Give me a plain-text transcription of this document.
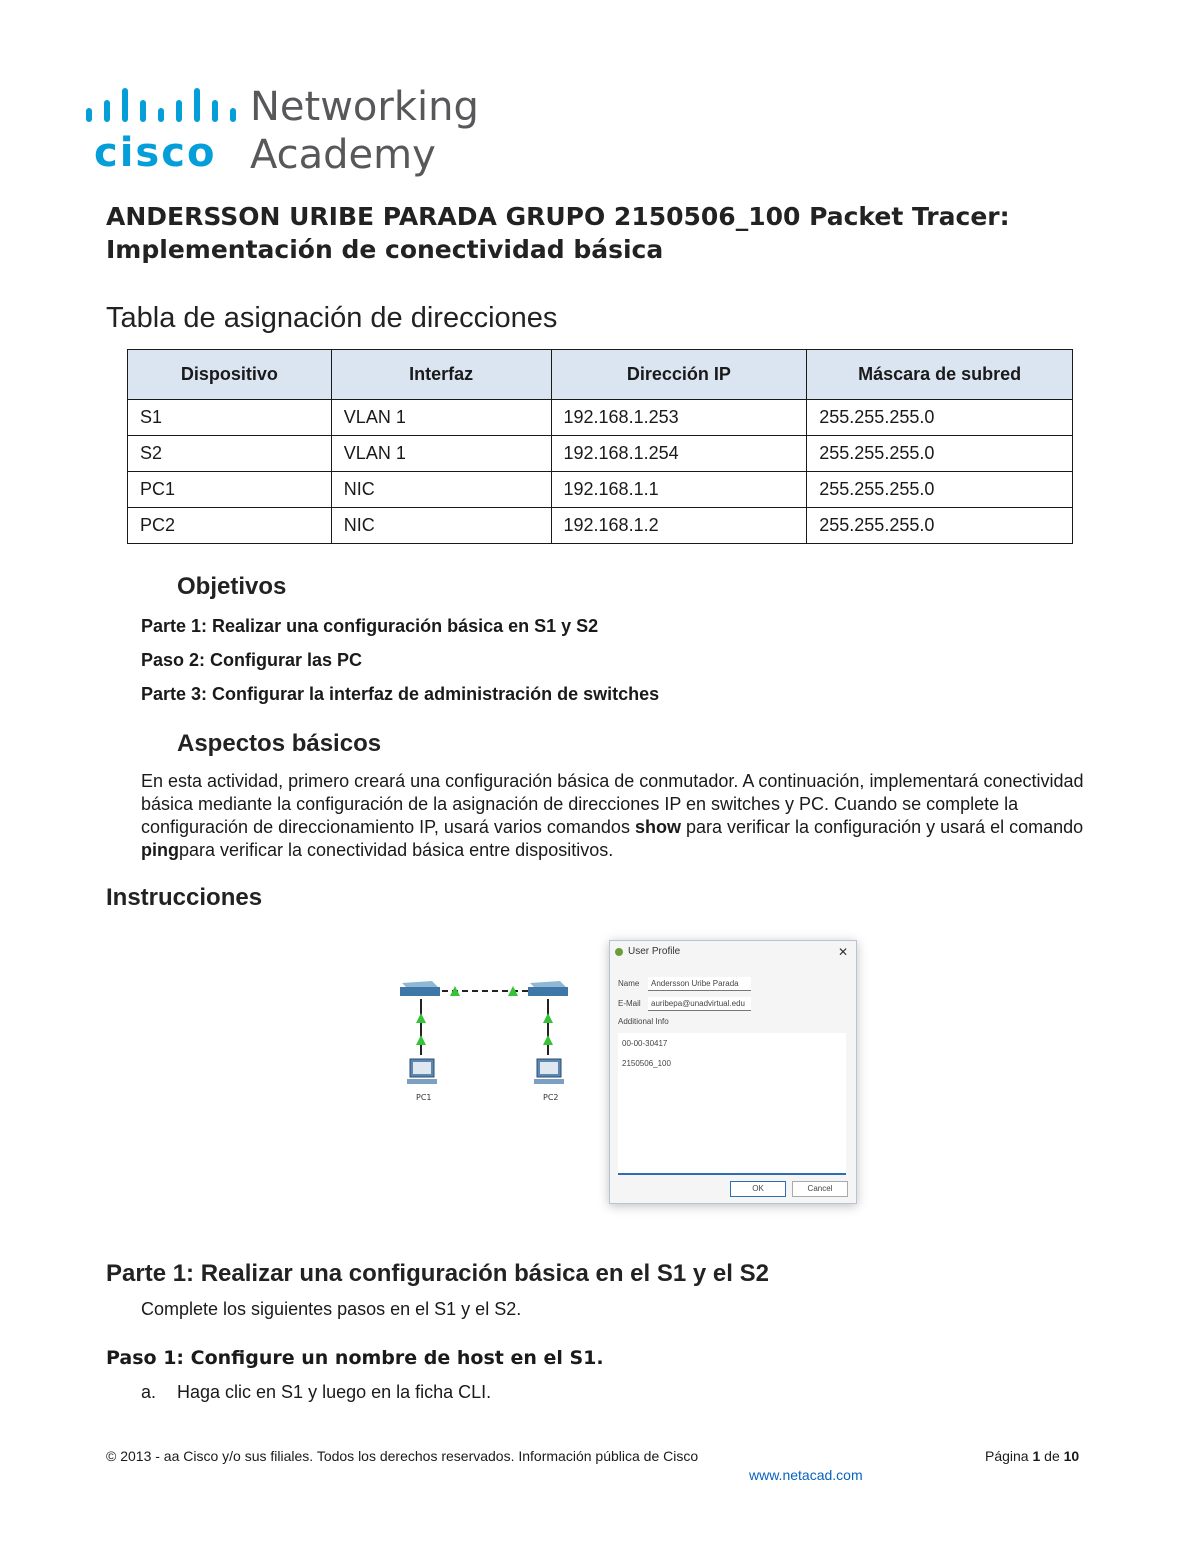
cisco
Networking
Academy
ANDERSSON URIBE PARADA GRUPO 2150506_100 Packet Tracer:
Implementación de conectividad básica
Tabla de asignación de direcciones
Dispositivo	Interfaz	Dirección IP	Máscara de subred
S1	VLAN 1	192.168.1.253	255.255.255.0
S2	VLAN 1	192.168.1.254	255.255.255.0
PC1	NIC	192.168.1.1	255.255.255.0
PC2	NIC	192.168.1.2	255.255.255.0
Objetivos
Parte 1: Realizar una configuración básica en S1 y S2
Paso 2: Configurar las PC
Parte 3: Configurar la interfaz de administración de switches
Aspectos básicos
En esta actividad, primero creará una configuración básica de conmutador. A continuación, implementará conectividad básica mediante la configuración de la asignación de direcciones IP en switches y PC. Cuando se complete la configuración de direccionamiento IP, usará varios comandos show para verificar la configuración y usará el comando pingpara verificar la conectividad básica entre dispositivos.
Instrucciones
PC1	PC2
User Profile	✕
Name	Andersson Uribe Parada
E-Mail	auribepa@unadvirtual.edu
Additional Info
00-00-30417
2150506_100
OK	Cancel
Parte 1: Realizar una configuración básica en el S1 y el S2
Complete los siguientes pasos en el S1 y el S2.
Paso 1: Configure un nombre de host en el S1.
a. Haga clic en S1 y luego en la ficha CLI.
© 2013 - aa Cisco y/o sus filiales. Todos los derechos reservados. Información pública de Cisco	Página 1 de 10
www.netacad.com
